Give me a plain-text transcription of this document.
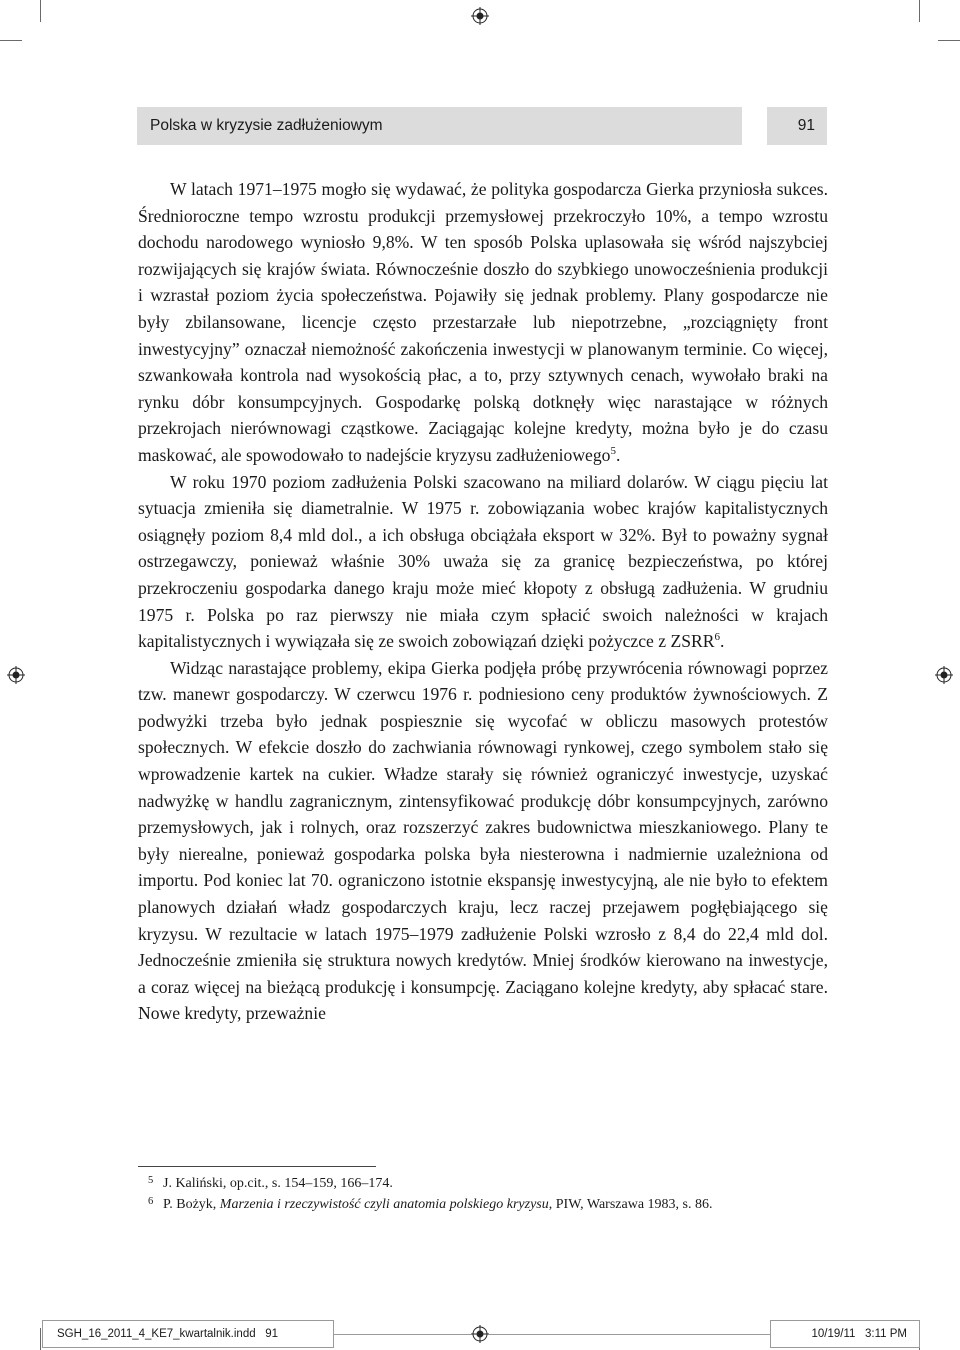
Polska w kryzysie zadłużeniowym	91

W latach 1971–1975 mogło się wydawać, że polityka gospodarcza Gierka przyniosła sukces. Średnioroczne tempo wzrostu produkcji przemysłowej przekroczyło 10%, a tempo wzrostu dochodu narodowego wyniosło 9,8%. W ten sposób Polska uplasowała się wśród najszybciej rozwijających się krajów świata. Równocześnie doszło do szybkiego unowocześnienia produkcji i wzrastał poziom życia społeczeństwa. Pojawiły się jednak problemy. Plany gospodarcze nie były zbilansowane, licencje często przestarzałe lub niepotrzebne, „rozciągnięty front inwestycyjny” oznaczał niemożność zakończenia inwestycji w planowanym terminie. Co więcej, szwankowała kontrola nad wysokością płac, a to, przy sztywnych cenach, wywołało braki na rynku dóbr konsumpcyjnych. Gospodarkę polską dotknęły więc narastające w różnych przekrojach nierównowagi cząstkowe. Zaciągając kolejne kredyty, można było je do czasu maskować, ale spowodowało to nadejście kryzysu zadłużeniowego$^5$.

W roku 1970 poziom zadłużenia Polski szacowano na miliard dolarów. W ciągu pięciu lat sytuacja zmieniła się diametralnie. W 1975 r. zobowiązania wobec krajów kapitalistycznych osiągnęły poziom 8,4 mld dol., a ich obsługa obciążała eksport w 32%. Był to poważny sygnał ostrzegawczy, ponieważ właśnie 30% uważa się za granicę bezpieczeństwa, po której przekroczeniu gospodarka danego kraju może mieć kłopoty z obsługą zadłużenia. W grudniu 1975 r. Polska po raz pierwszy nie miała czym spłacić swoich należności w krajach kapitalistycznych i wywiązała się ze swoich zobowiązań dzięki pożyczce z ZSRR$^6$.

Widząc narastające problemy, ekipa Gierka podjęła próbę przywrócenia równowagi poprzez tzw. manewr gospodarczy. W czerwcu 1976 r. podniesiono ceny produktów żywnościowych. Z podwyżki trzeba było jednak pospiesznie się wycofać w obliczu masowych protestów społecznych. W efekcie doszło do zachwiania równowagi rynkowej, czego symbolem stało się wprowadzenie kartek na cukier. Władze starały się również ograniczyć inwestycje, uzyskać nadwyżkę w handlu zagranicznym, zintensyfikować produkcję dóbr konsumpcyjnych, zarówno przemysłowych, jak i rolnych, oraz rozszerzyć zakres budownictwa mieszkaniowego. Plany te były nierealne, ponieważ gospodarka polska była niesterowna i nadmiernie uzależniona od importu. Pod koniec lat 70. ograniczono istotnie ekspansję inwestycyjną, ale nie było to efektem planowych działań władz gospodarczych kraju, lecz raczej przejawem pogłębiającego się kryzysu. W rezultacie w latach 1975–1979 zadłużenie Polski wzrosło z 8,4 do 22,4 mld dol. Jednocześnie zmieniła się struktura nowych kredytów. Mniej środków kierowano na inwestycje, a coraz więcej na bieżącą produkcję i konsumpcję. Zaciągano kolejne kredyty, aby spłacać stare. Nowe kredyty, przeważnie

5 J. Kaliński, op.cit., s. 154–159, 166–174.
6 P. Bożyk, Marzenia i rzeczywistość czyli anatomia polskiego kryzysu, PIW, Warszawa 1983, s. 86.
SGH_16_2011_4_KE7_kwartalnik.indd   91	10/19/11   3:11 PM
